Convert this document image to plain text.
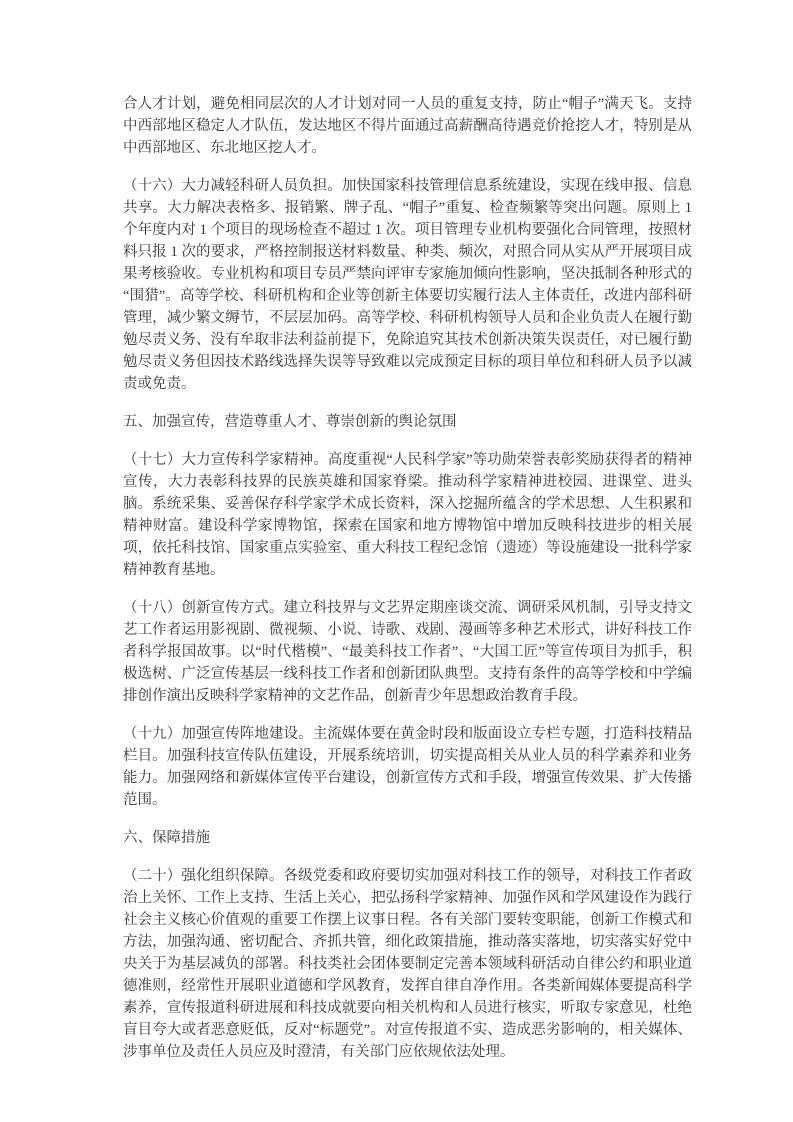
合人才计划，避免相同层次的人才计划对同一人员的重复支持，防止“帽子”满天飞。支持中西部地区稳定人才队伍，发达地区不得片面通过高薪酬高待遇竞价抢挖人才，特别是从中西部地区、东北地区挖人才。

（十六）大力减轻科研人员负担。加快国家科技管理信息系统建设，实现在线申报、信息共享。大力解决表格多、报销繁、牌子乱、“帽子”重复、检查频繁等突出问题。原则上 1 个年度内对 1 个项目的现场检查不超过 1 次。项目管理专业机构要强化合同管理，按照材料只报 1 次的要求，严格控制报送材料数量、种类、频次，对照合同从实从严开展项目成果考核验收。专业机构和项目专员严禁向评审专家施加倾向性影响，坚决抵制各种形式的“围猎”。高等学校、科研机构和企业等创新主体要切实履行法人主体责任，改进内部科研管理，减少繁文缛节，不层层加码。高等学校、科研机构领导人员和企业负责人在履行勤勉尽责义务、没有牟取非法利益前提下，免除追究其技术创新决策失误责任，对已履行勤勉尽责义务但因技术路线选择失误等导致难以完成预定目标的项目单位和科研人员予以减责或免责。

五、加强宣传，营造尊重人才、尊崇创新的舆论氛围

（十七）大力宣传科学家精神。高度重视“人民科学家”等功勋荣誉表彰奖励获得者的精神宣传，大力表彰科技界的民族英雄和国家脊梁。推动科学家精神进校园、进课堂、进头脑。系统采集、妥善保存科学家学术成长资料，深入挖掘所蕴含的学术思想、人生积累和精神财富。建设科学家博物馆，探索在国家和地方博物馆中增加反映科技进步的相关展项，依托科技馆、国家重点实验室、重大科技工程纪念馆（遗迹）等设施建设一批科学家精神教育基地。

（十八）创新宣传方式。建立科技界与文艺界定期座谈交流、调研采风机制，引导支持文艺工作者运用影视剧、微视频、小说、诗歌、戏剧、漫画等多种艺术形式，讲好科技工作者科学报国故事。以“时代楷模”、“最美科技工作者”、“大国工匠”等宣传项目为抓手，积极选树、广泛宣传基层一线科技工作者和创新团队典型。支持有条件的高等学校和中学编排创作演出反映科学家精神的文艺作品，创新青少年思想政治教育手段。

（十九）加强宣传阵地建设。主流媒体要在黄金时段和版面设立专栏专题，打造科技精品栏目。加强科技宣传队伍建设，开展系统培训，切实提高相关从业人员的科学素养和业务能力。加强网络和新媒体宣传平台建设，创新宣传方式和手段，增强宣传效果、扩大传播范围。

六、保障措施

（二十）强化组织保障。各级党委和政府要切实加强对科技工作的领导，对科技工作者政治上关怀、工作上支持、生活上关心，把弘扬科学家精神、加强作风和学风建设作为践行社会主义核心价值观的重要工作摆上议事日程。各有关部门要转变职能，创新工作模式和方法，加强沟通、密切配合、齐抓共管，细化政策措施，推动落实落地，切实落实好党中央关于为基层减负的部署。科技类社会团体要制定完善本领域科研活动自律公约和职业道德准则，经常性开展职业道德和学风教育，发挥自律自净作用。各类新闻媒体要提高科学素养，宣传报道科研进展和科技成就要向相关机构和人员进行核实，听取专家意见，杜绝盲目夸大或者恶意贬低，反对“标题党”。对宣传报道不实、造成恶劣影响的，相关媒体、涉事单位及责任人员应及时澄清，有关部门应依规依法处理。
